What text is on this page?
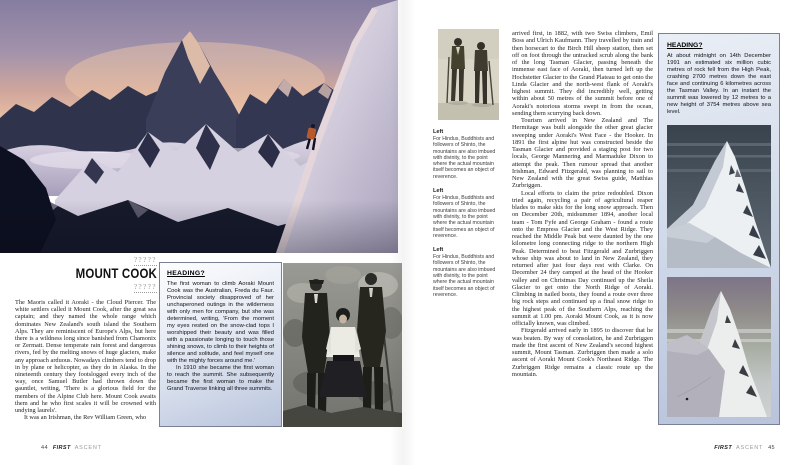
?????
MOUNT COOK
?????

The Maoris called it Aoraki - the Cloud Piercer. The white settlers called it Mount Cook, after the great sea captain; and they named the whole range which dominates New Zealand's south island the Southern Alps. They are reminiscent of Europe's Alps, but here there is a wildness long since banished from Chamonix or Zermatt. Dense temperate rain forest and dangerous rivers, fed by the melting snows of huge glaciers, make any approach arduous. Nowadays climbers tend to drop in by plane or helicopter, as they do in Alaska. In the nineteenth century they footslogged every inch of the way, once Samuel Butler had thrown down the gauntlet, writing, 'There is a glorious field for the members of the Alpine Club here. Mount Cook awaits them and he who first scales it will be crowned with undying laurels'.

It was an Irishman, the Rev William Green, who

HEADING?

The first woman to climb Aoraki Mount Cook was the Australian, Freda du Faur. Provincial society disapproved of her unchaperoned outings in the wilderness with only men for company, but she was determined, writing, 'From the moment my eyes rested on the snow-clad tops I worshipped their beauty and was filled with a passionate longing to touch those shining snows, to climb to their heights of silence and solitude, and feel myself one with the mighty forces around me.'

In 1910 she became the first woman to reach the summit. She subsequently became the first woman to make the Grand Traverse linking all three summits.

44 FIRST ASCENT
Left
For Hindus, Buddhists and followers of Shinto, the mountains are also imbued with divinity, to the point where the actual mountain itself becomes an object of reverence.
Left
For Hindus, Buddhists and followers of Shinto, the mountains are also imbued with divinity, to the point where the actual mountain itself becomes an object of reverence.
Left
For Hindus, Buddhists and followers of Shinto, the mountains are also imbued with divinity, to the point where the actual mountain itself becomes an object of reverence.

arrived first, in 1882, with two Swiss climbers, Emil Boss and Ulrich Kaufmann. They travelled by train and then horsecart to the Birch Hill sheep station, then set off on foot through the untracked scrub along the bank of the long Tasman Glacier, passing beneath the immense east face of Aoraki, then turned left up the Hochstetter Glacier to the Grand Plateau to get onto the Linda Glacier and the north-west flank of Aoraki's highest summit. They did incredibly well, getting within about 50 metres of the summit before one of Aoraki's notorious storms swept in from the ocean, sending them scurrying back down.

Tourism arrived in New Zealand and The Hermitage was built alongside the other great glacier sweeping under Aoraki's West Face - the Hooker. In 1891 the first alpine hut was constructed beside the Tasman Glacier and provided a staging post for two locals, George Mannering and Marmaduke Dixon to attempt the peak. Then rumour spread that another Irishman, Edward Fitzgerald, was planning to sail to New Zealand with the great Swiss guide, Matthias Zurbriggen.

Local efforts to claim the prize redoubled. Dixon tried again, recycling a pair of agricultural reaper blades to make skis for the long snow approach. Then on December 20th, midsummer 1894, another local team - Tom Fyfe and George Graham - found a route onto the Empress Glacier and the West Ridge. They reached the Middle Peak but were daunted by the one kilometre long connecting ridge to the northern High Peak. Determined to beat Fitzgerald and Zurbriggen whose ship was about to land in New Zealand, they returned after just four days rest with Clarke. On December 24 they camped at the head of the Hooker valley and on Christmas Day continued up the Sheila Glacier to get onto the North Ridge of Aoraki. Climbing in nailed boots, they found a route over three big rock steps and continued up a final snow ridge to the highest peak of the Southern Alps, reaching the summit at 1.00 pm. Aoraki Mount Cook, as it is now officially known, was climbed.

Fitzgerald arrived early in 1895 to discover that he was beaten. By way of consolation, he and Zurbriggen made the first ascent of New Zealand's second highest summit, Mount Tasman. Zurbriggen then made a solo ascent of Aoraki Mount Cook's Northeast Ridge. The Zurbriggen Ridge remains a classic route up the mountain.

HEADING?

At about midnight on 14th December 1991 an estimated six million cubic metres of rock fell from the High Peak, crashing 2700 metres down the east face and continuing 6 kilometres across the Tasman Valley. In an instant the summit was lowered by 12 metres to a new height of 3754 metres above sea level.

FIRST ASCENT 45
